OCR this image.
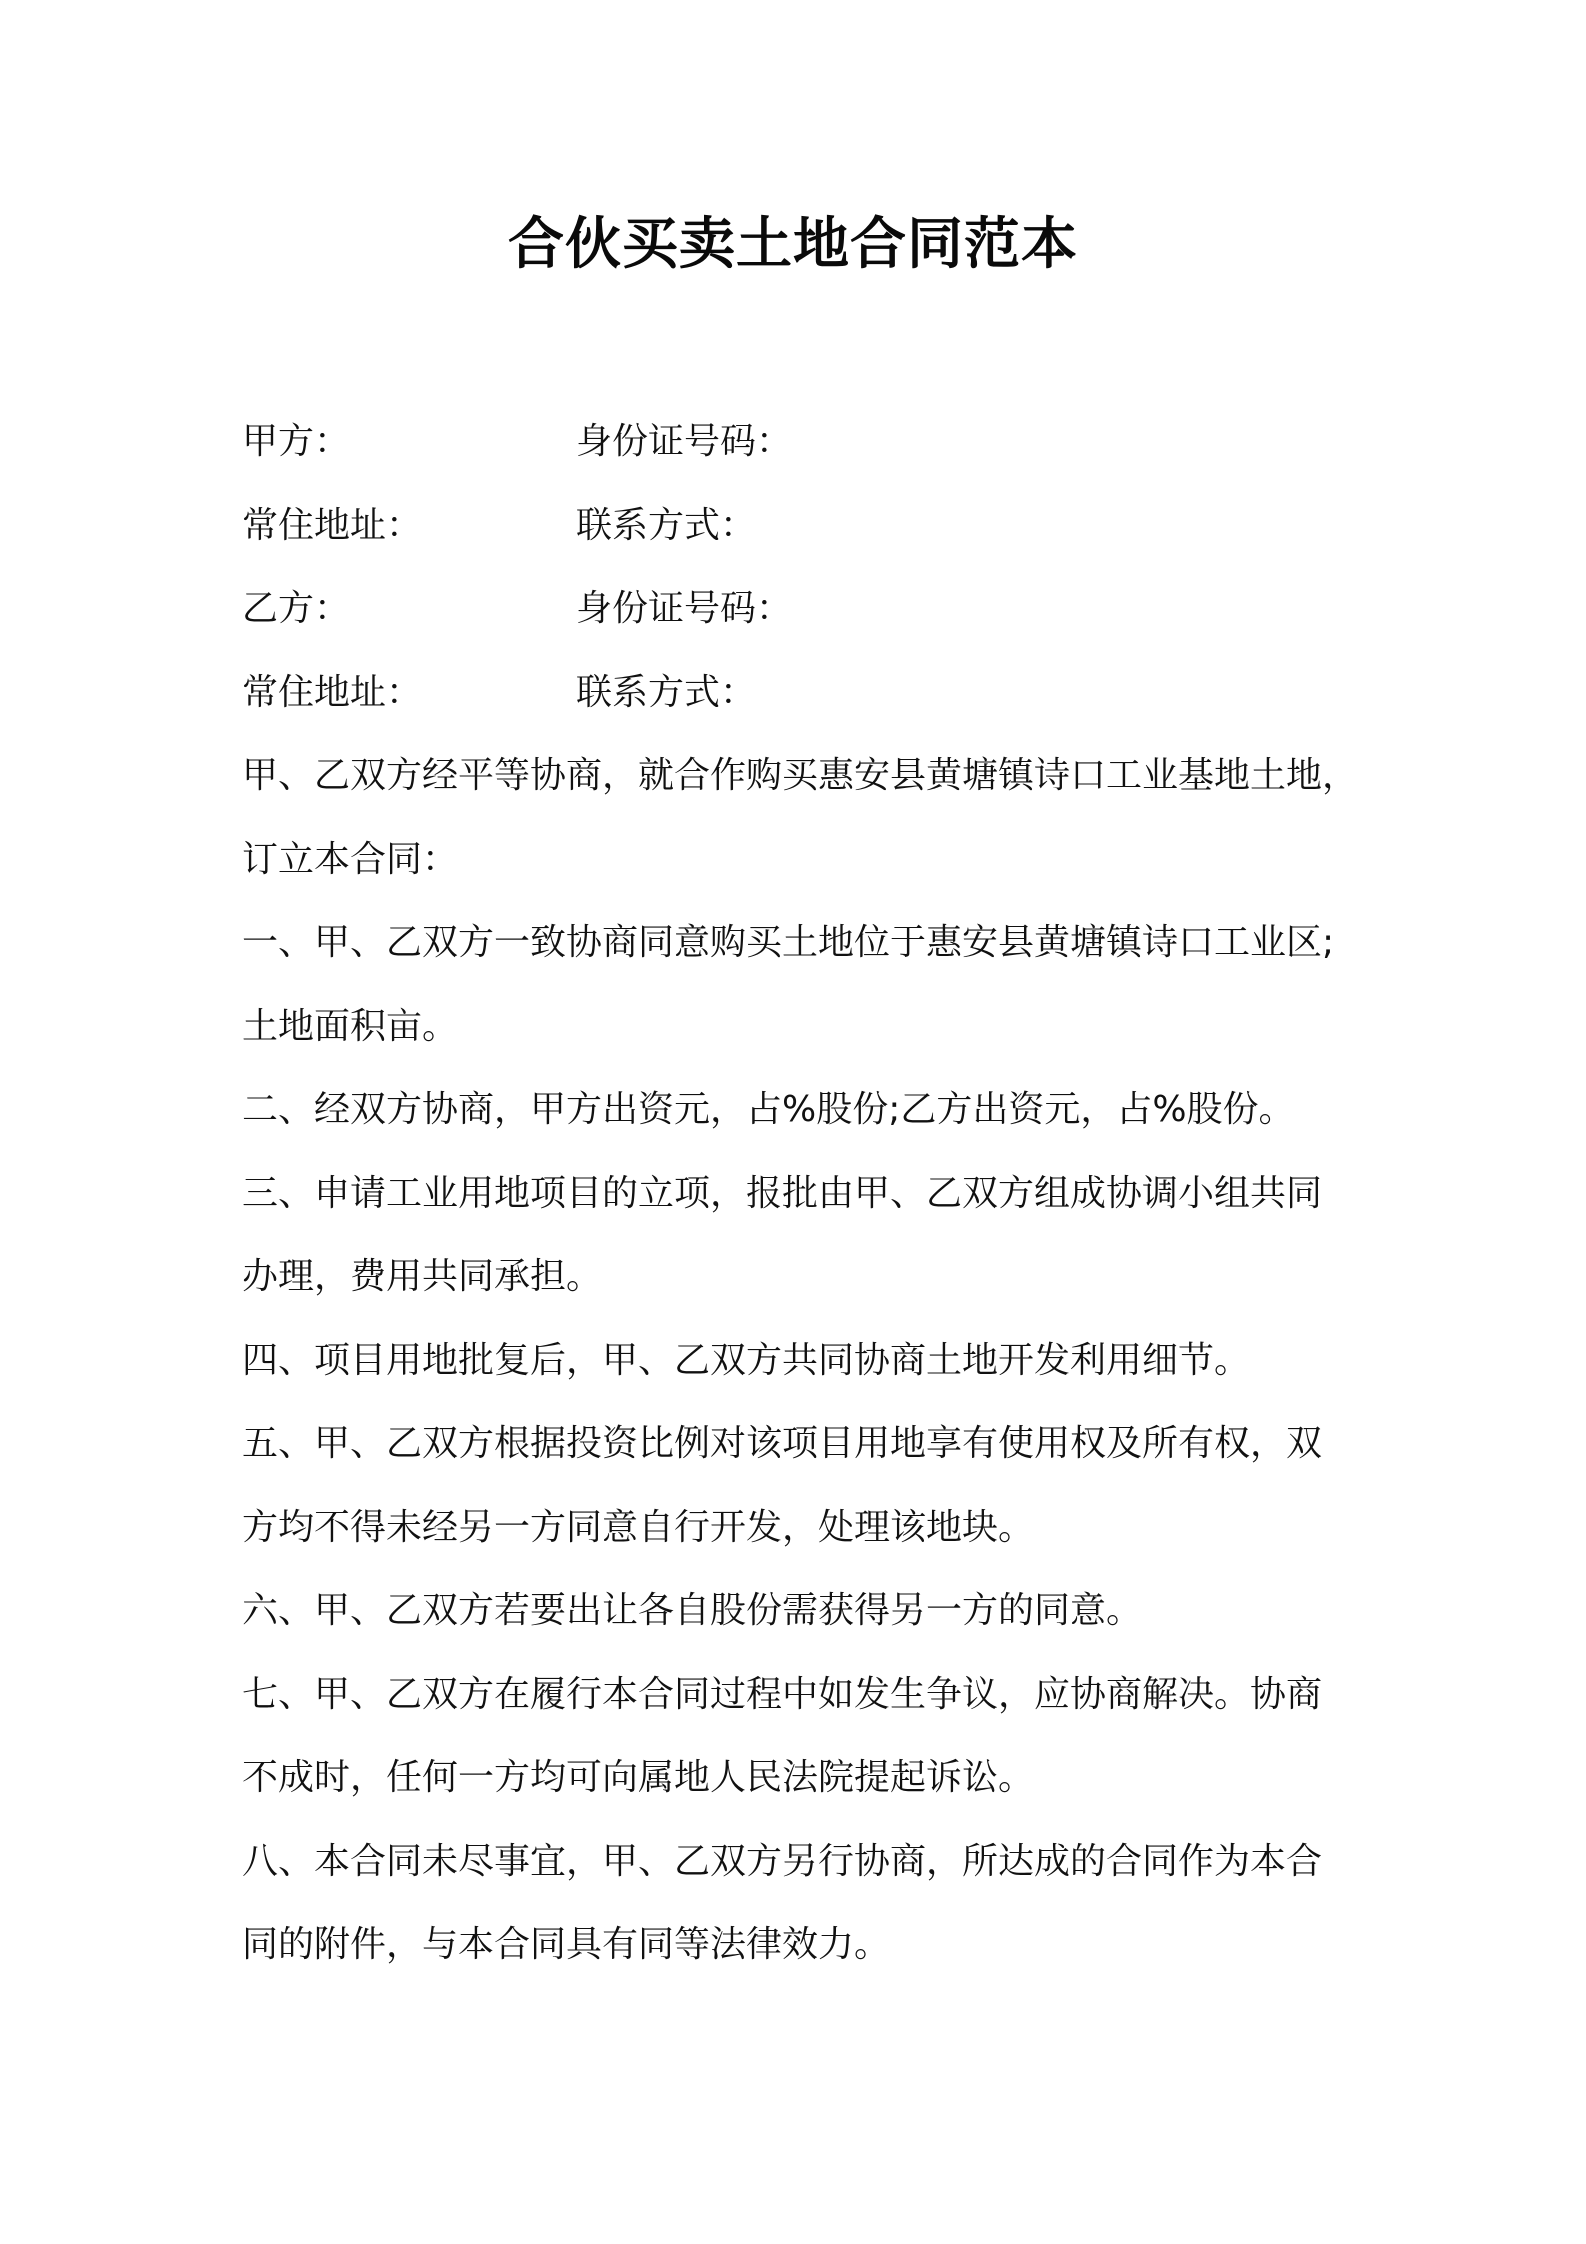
合伙买卖土地合同范本
甲方：	身份证号码：
常住地址：	联系方式：
乙方：	身份证号码：
常住地址：	联系方式：
甲、乙双方经平等协商，就合作购买惠安县黄塘镇诗口工业基地土地，
订立本合同：
一、甲、乙双方一致协商同意购买土地位于惠安县黄塘镇诗口工业区;
土地面积亩。
二、经双方协商，甲方出资元，占%股份;乙方出资元，占%股份。
三、申请工业用地项目的立项，报批由甲、乙双方组成协调小组共同
办理，费用共同承担。
四、项目用地批复后，甲、乙双方共同协商土地开发利用细节。
五、甲、乙双方根据投资比例对该项目用地享有使用权及所有权，双
方均不得未经另一方同意自行开发，处理该地块。
六、甲、乙双方若要出让各自股份需获得另一方的同意。
七、甲、乙双方在履行本合同过程中如发生争议，应协商解决。协商
不成时，任何一方均可向属地人民法院提起诉讼。
八、本合同未尽事宜，甲、乙双方另行协商，所达成的合同作为本合
同的附件，与本合同具有同等法律效力。
